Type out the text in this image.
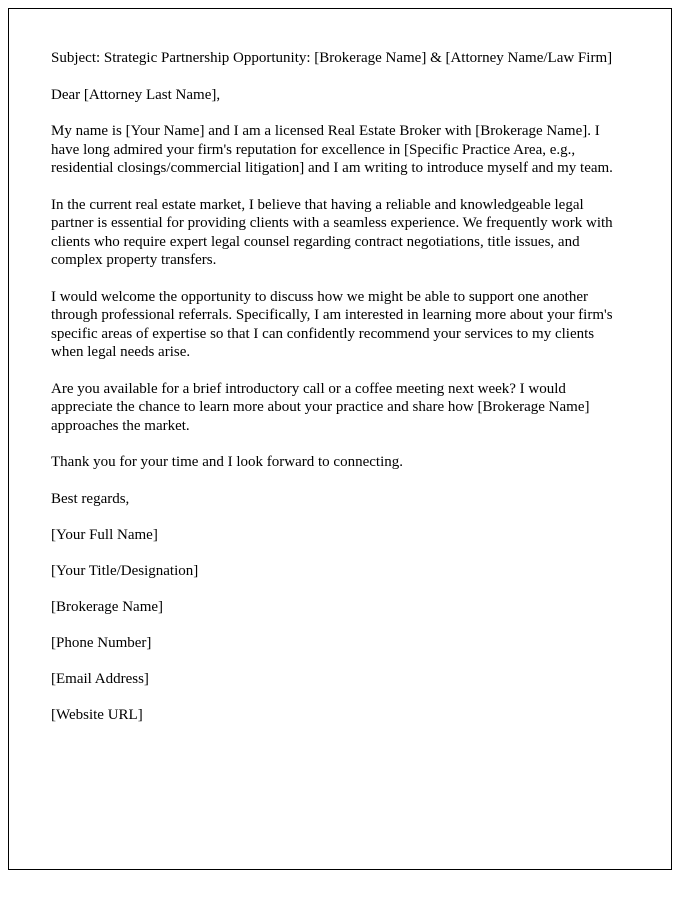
Subject: Strategic Partnership Opportunity: [Brokerage Name] & [Attorney Name/Law Firm]

Dear [Attorney Last Name],

My name is [Your Name] and I am a licensed Real Estate Broker with [Brokerage Name]. I have long admired your firm's reputation for excellence in [Specific Practice Area, e.g., residential closings/commercial litigation] and I am writing to introduce myself and my team.

In the current real estate market, I believe that having a reliable and knowledgeable legal partner is essential for providing clients with a seamless experience. We frequently work with clients who require expert legal counsel regarding contract negotiations, title issues, and complex property transfers.

I would welcome the opportunity to discuss how we might be able to support one another through professional referrals. Specifically, I am interested in learning more about your firm's specific areas of expertise so that I can confidently recommend your services to my clients when legal needs arise.

Are you available for a brief introductory call or a coffee meeting next week? I would appreciate the chance to learn more about your practice and share how [Brokerage Name] approaches the market.

Thank you for your time and I look forward to connecting.

Best regards,

[Your Full Name]

[Your Title/Designation]

[Brokerage Name]

[Phone Number]

[Email Address]

[Website URL]
